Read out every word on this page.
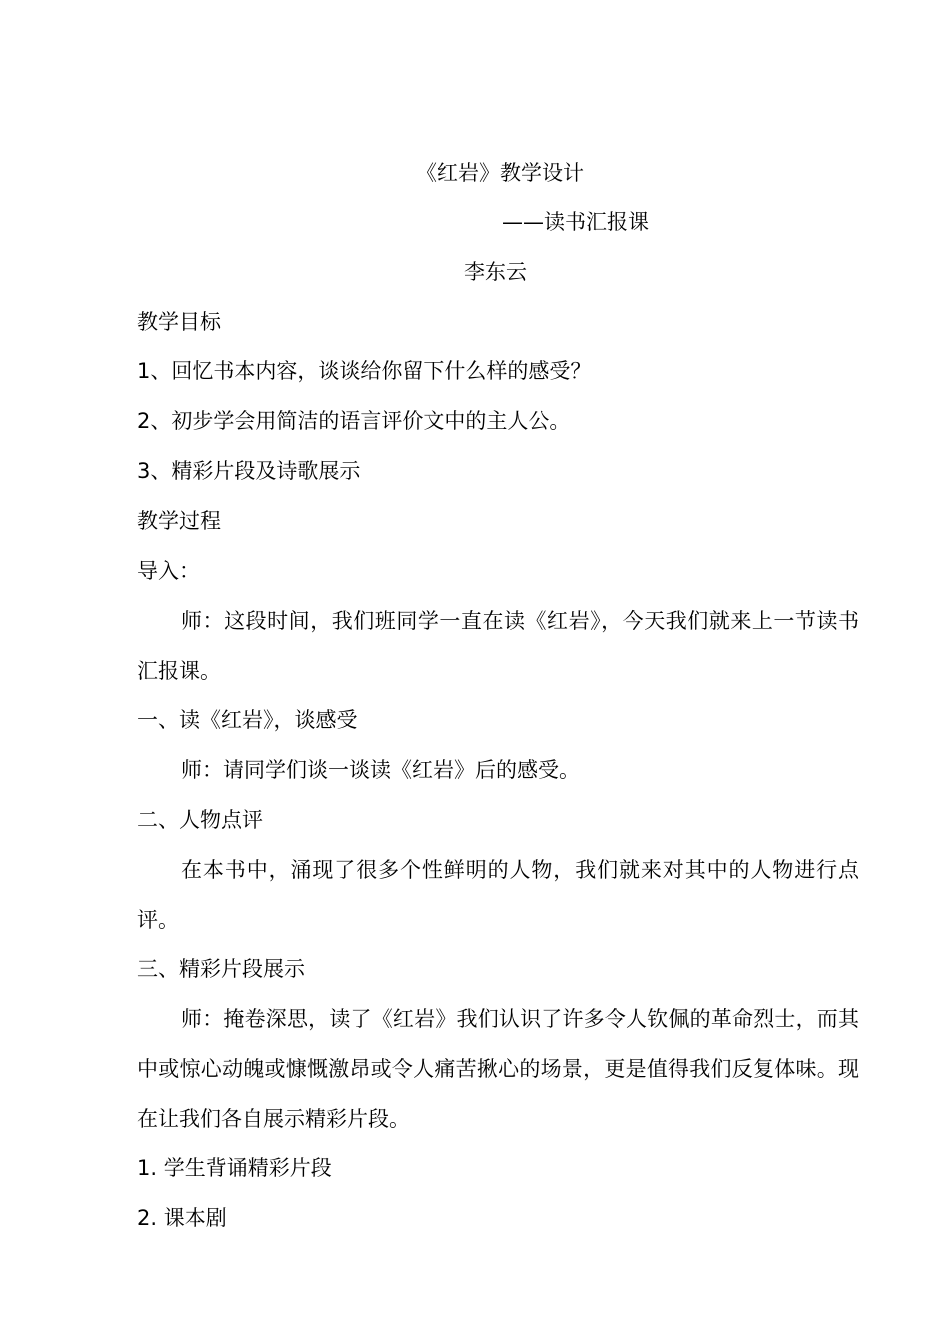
《红岩》教学设计

——读书汇报课

李东云

教学目标

1、回忆书本内容，谈谈给你留下什么样的感受？

2、初步学会用简洁的语言评价文中的主人公。

3、精彩片段及诗歌展示

教学过程

导入：

师：这段时间，我们班同学一直在读《红岩》，今天我们就来上一节读书汇报课。

一、读《红岩》，谈感受

师：请同学们谈一谈读《红岩》后的感受。

二、人物点评

在本书中，涌现了很多个性鲜明的人物，我们就来对其中的人物进行点评。

三、精彩片段展示

师：掩卷深思，读了《红岩》我们认识了许多令人钦佩的革命烈士，而其中或惊心动魄或慷慨激昂或令人痛苦揪心的场景，更是值得我们反复体味。现在让我们各自展示精彩片段。

1. 学生背诵精彩片段

2. 课本剧
